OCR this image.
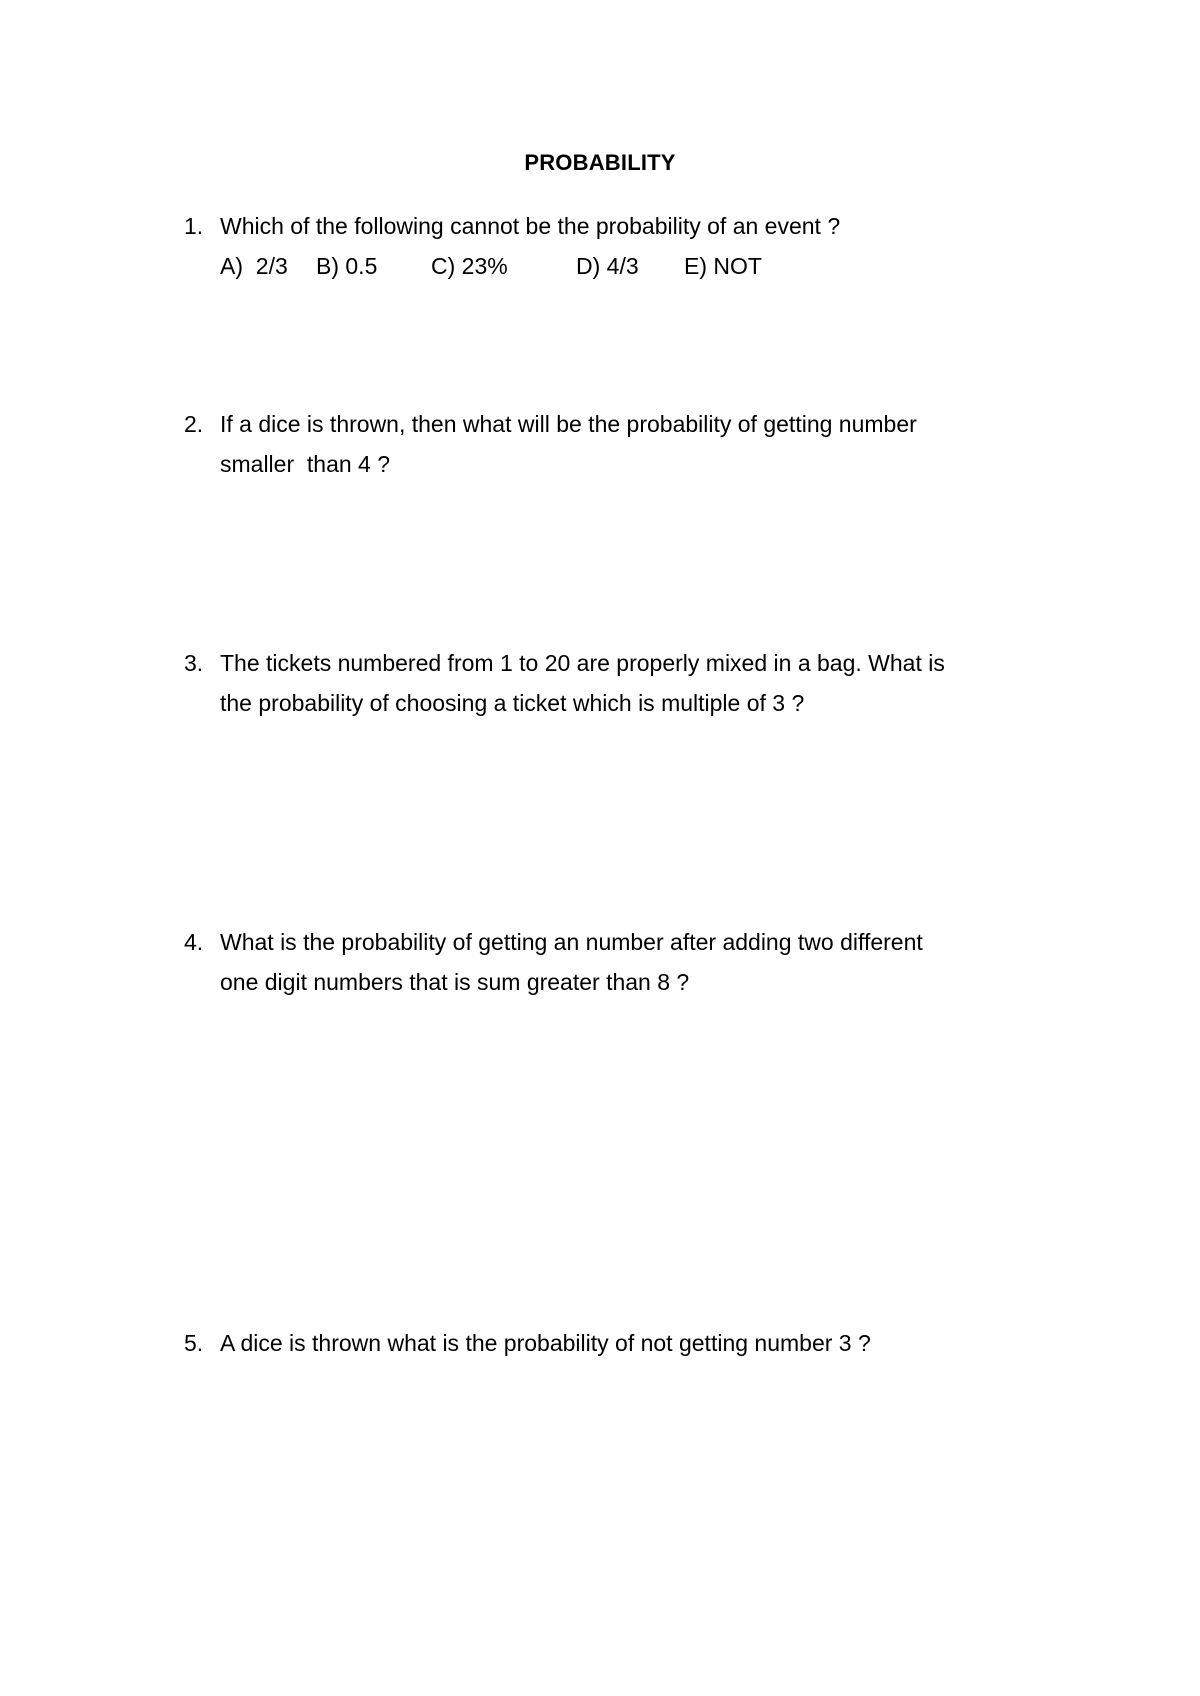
PROBABILITY
1. Which of the following cannot be the probability of an event ?
A)  2/3 B) 0.5 C) 23%	D) 4/3 E) NOT
2. If a dice is thrown, then what will be the probability of getting number
smaller  than 4 ?
3. The tickets numbered from 1 to 20 are properly mixed in a bag. What is
the probability of choosing a ticket which is multiple of 3 ?
4. What is the probability of getting an number after adding two different
one digit numbers that is sum greater than 8 ?
5. A dice is thrown what is the probability of not getting number 3 ?
